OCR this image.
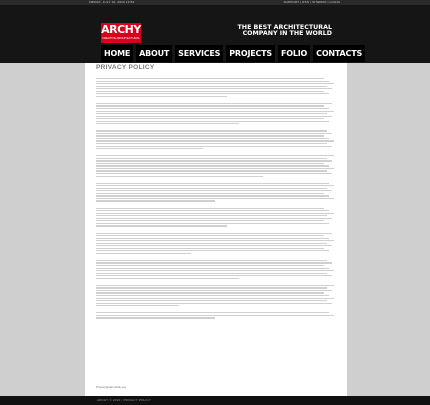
FRIDAY, JULY 16, 2010 19:53	SUPPORT | RSS | SITEMAP | LOGIN
ARCHY
CREATIVE ARCHITECTURAL
THE BEST ARCHITECTURAL
COMPANY IN THE WORLD
HOME	ABOUT	SERVICES	PROJECTS	FOLIO	CONTACTS
PRIVACY POLICY
Privacy@demolink.org
ARCHY © 2010 | PRIVACY POLICY
